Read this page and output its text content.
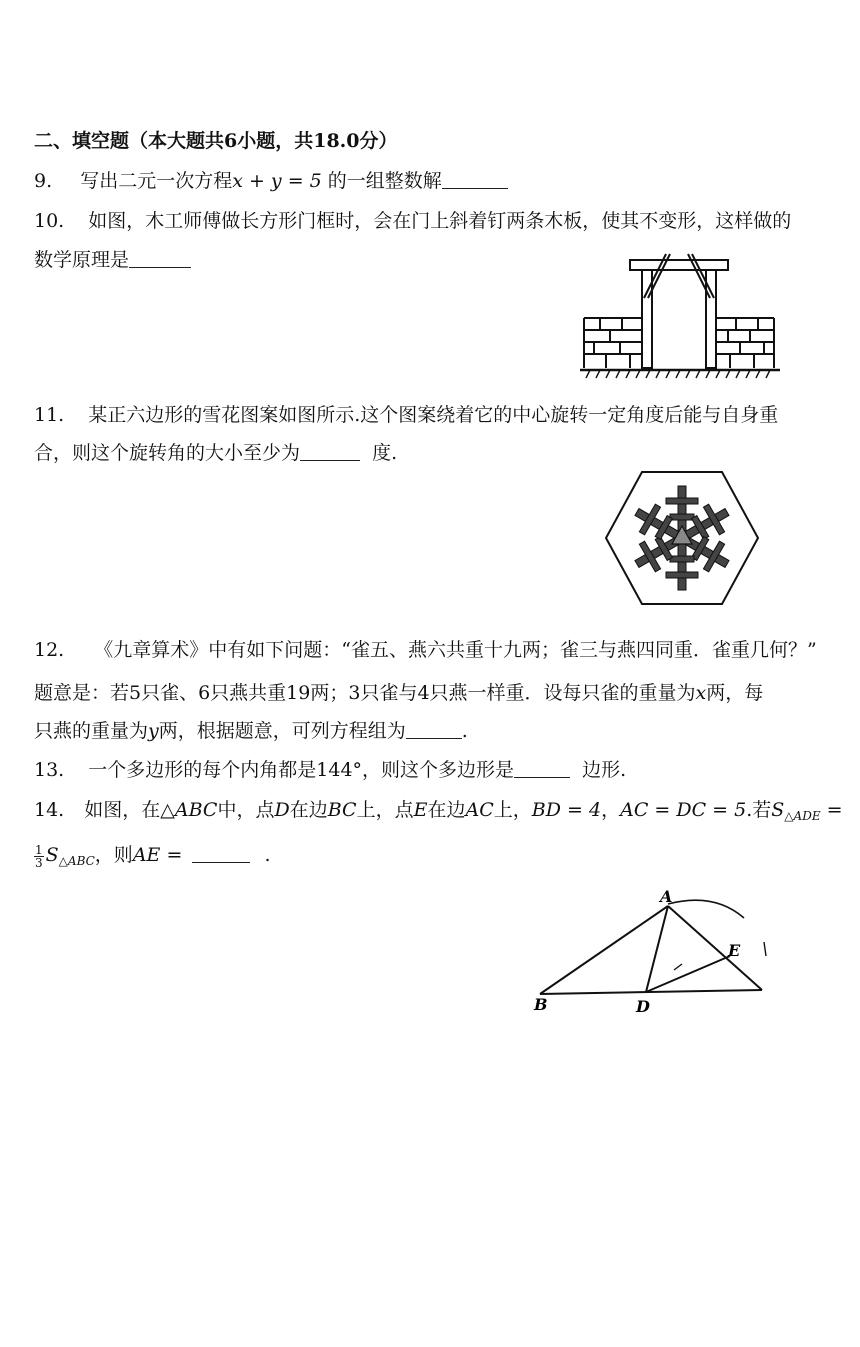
二、填空题（本大题共6小题，共18.0分）
9. 写出二元一次方程x + y = 5 的一组整数解
10. 如图，木工师傅做长方形门框时，会在门上斜着钉两条木板，使其不变形，这样做的
数学原理是
11. 某正六边形的雪花图案如图所示.这个图案绕着它的中心旋转一定角度后能与自身重
合，则这个旋转角的大小至少为	度.
12. 《九章算术》中有如下问题：“雀五、燕六共重十九两；雀三与燕四同重．雀重几何？”
题意是：若5只雀、6只燕共重19两；3只雀与4只燕一样重．设每只雀的重量为x两，每
只燕的重量为y两，根据题意，可列方程组为	.
13. 一个多边形的每个内角都是144°，则这个多边形是	边形.
14. 如图，在△ABC中，点D在边BC上，点E在边AC上，BD = 4，AC = DC = 5.若$S_{\triangle ADE}$ =
$\frac{1}{3} S_{\triangle ABC}$，则AE =	.
A
B	D
E
